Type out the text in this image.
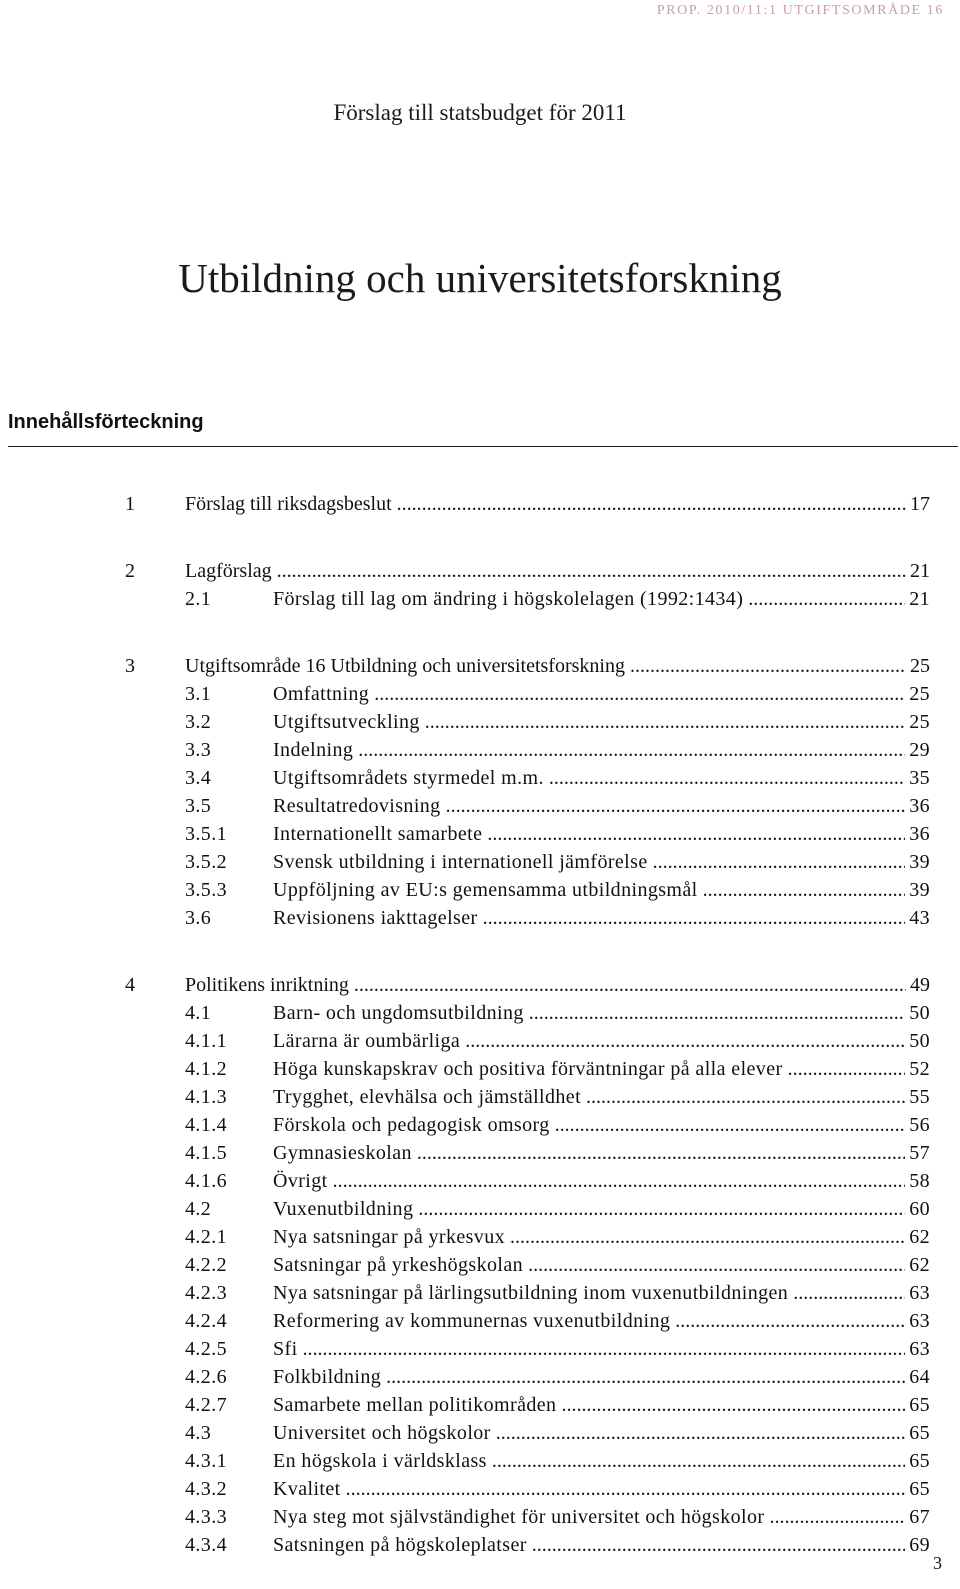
PROP. 2010/11:1 UTGIFTSOMRÅDE 16
Förslag till statsbudget för 2011
Utbildning och universitetsforskning
Innehållsförteckning
1	Förslag till riksdagsbeslut .....	17
2	Lagförslag .....	21
2.1	Förslag till lag om ändring i högskolelagen (1992:1434) .....	21
3	Utgiftsområde 16 Utbildning och universitetsforskning .....	25
3.1	Omfattning .....	25
3.2	Utgiftsutveckling .....	25
3.3	Indelning .....	29
3.4	Utgiftsområdets styrmedel m.m. .....	35
3.5	Resultatredovisning .....	36
3.5.1 Internationellt samarbete .....	36
3.5.2 Svensk utbildning i internationell jämförelse .....	39
3.5.3 Uppföljning av EU:s gemensamma utbildningsmål .....	39
3.6	Revisionens iakttagelser .....	43
4	Politikens inriktning .....	49
4.1	Barn- och ungdomsutbildning .....	50
4.1.1 Lärarna är oumbärliga .....	50
4.1.2 Höga kunskapskrav och positiva förväntningar på alla elever .....	52
4.1.3 Trygghet, elevhälsa och jämställdhet .....	55
4.1.4 Förskola och pedagogisk omsorg .....	56
4.1.5 Gymnasieskolan .....	57
4.1.6 Övrigt .....	58
4.2	Vuxenutbildning .....	60
4.2.1 Nya satsningar på yrkesvux .....	62
4.2.2 Satsningar på yrkeshögskolan .....	62
4.2.3 Nya satsningar på lärlingsutbildning inom vuxenutbildningen .....	63
4.2.4 Reformering av kommunernas vuxenutbildning .....	63
4.2.5 Sfi .....	63
4.2.6 Folkbildning .....	64
4.2.7 Samarbete mellan politikområden .....	65
4.3	Universitet och högskolor .....	65
4.3.1 En högskola i världsklass .....	65
4.3.2 Kvalitet .....	65
4.3.3 Nya steg mot självständighet för universitet och högskolor .....	67
4.3.4 Satsningen på högskoleplatser .....	69
3
